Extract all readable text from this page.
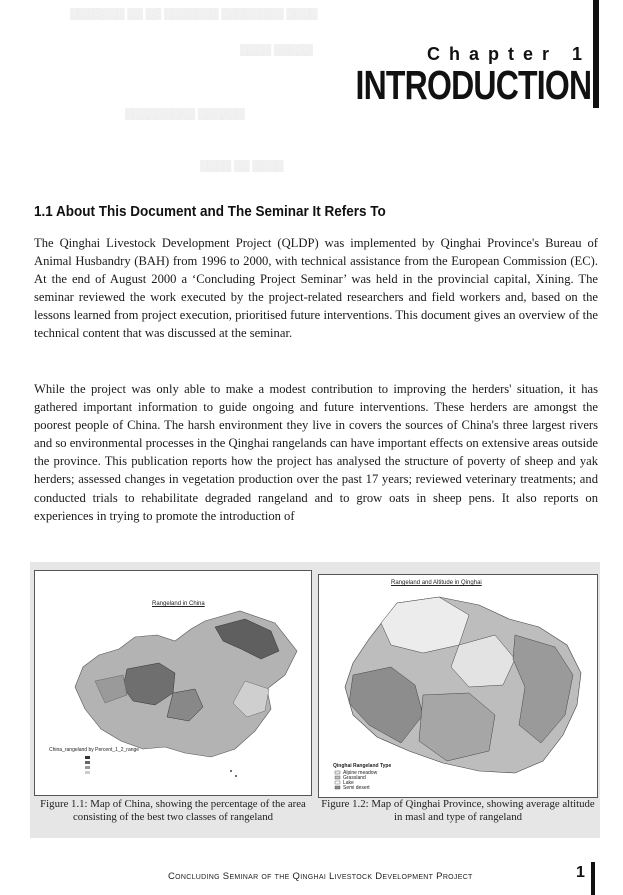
▒▒▒▒▒▒▒ ▒▒ ▒▒ ▒▒▒▒▒▒▒ ▒▒▒▒▒▒▒▒ ▒▒▒▒
▒▒▒▒ ▒▒▒▒▒
▒▒▒▒▒▒▒▒▒ ▒▒▒▒▒▒
▒▒▒▒ ▒▒ ▒▒▒▒
Chapter 1
INTRODUCTION
1.1 About This Document and The Seminar It Refers To

The Qinghai Livestock Development Project (QLDP) was implemented by Qinghai Province's Bureau of Animal Husbandry (BAH) from 1996 to 2000, with technical assistance from the European Commission (EC). At the end of August 2000 a ‘Concluding Project Seminar’ was held in the provincial capital, Xining. The seminar reviewed the work executed by the project-related researchers and field workers and, based on the lessons learned from project execution, prioritised future interventions. This document gives an overview of the technical content that was discussed at the seminar.

While the project was only able to make a modest contribution to improving the herders' situation, it has gathered important information to guide ongoing and future interventions. These herders are amongst the poorest people of China. The harsh environment they live in covers the sources of China's three largest rivers and so environmental processes in the Qinghai rangelands can have important effects on extensive areas outside the province. This publication reports how the project has analysed the structure of poverty of sheep and yak herders; assessed changes in vegetation production over the past 17 years; reviewed veterinary treatments; and conducted trials to rehabilitate degraded rangeland and to grow oats in sheep pens. It also reports on experiences in trying to promote the introduction of

Rangeland in China
China_rangeland by Percent_1_2_range
Figure 1.1: Map of China, showing the percentage of the area consisting of the best two classes of rangeland
Rangeland and Altitude in Qinghai
Qinghai Rangeland Type
Alpine meadow
Grassland
Lake
Semi desert
Figure 1.2: Map of Qinghai Province, showing average altitude in masl and type of rangeland
Concluding Seminar of the Qinghai Livestock Development Project	1
